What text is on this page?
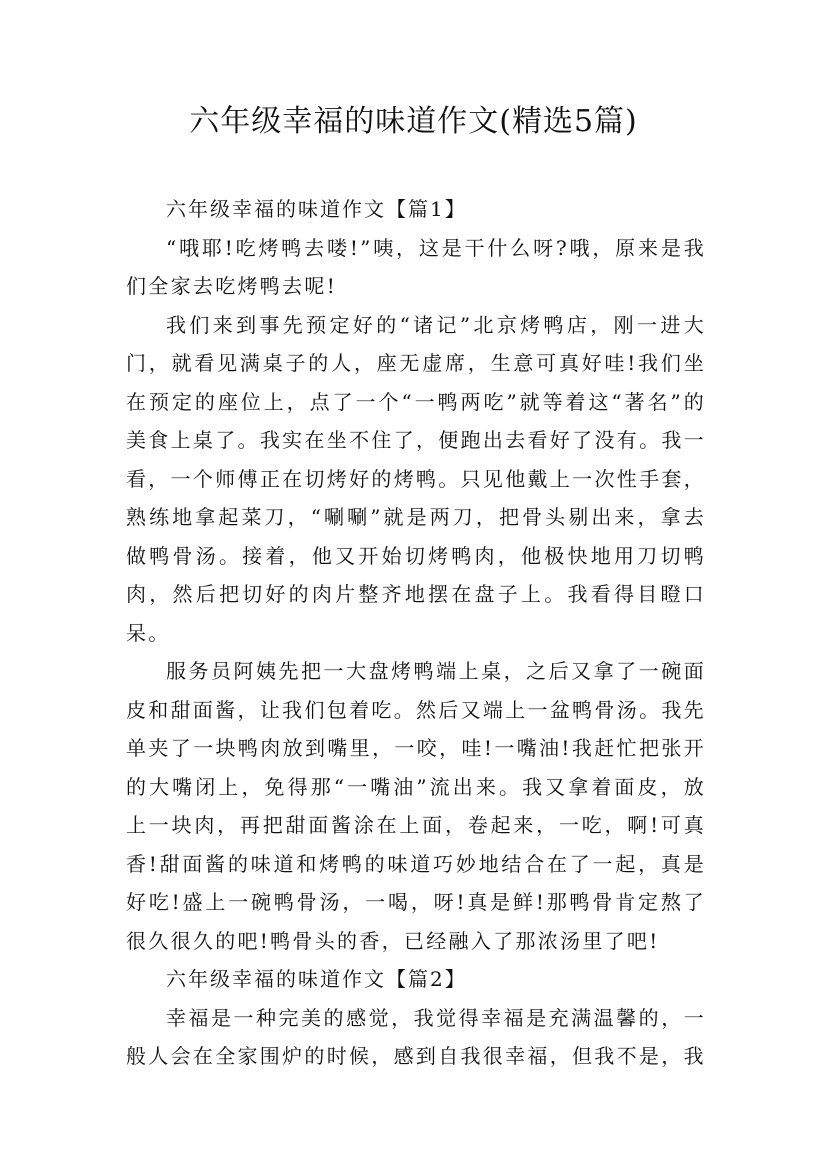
六年级幸福的味道作文(精选5篇)

六年级幸福的味道作文【篇1】

“哦耶!吃烤鸭去喽!”咦，这是干什么呀?哦，原来是我们全家去吃烤鸭去呢!

我们来到事先预定好的“诸记”北京烤鸭店，刚一进大门，就看见满桌子的人，座无虚席，生意可真好哇!我们坐在预定的座位上，点了一个“一鸭两吃”就等着这“著名”的美食上桌了。我实在坐不住了，便跑出去看好了没有。我一看，一个师傅正在切烤好的烤鸭。只见他戴上一次性手套，熟练地拿起菜刀，“唰唰”就是两刀，把骨头剔出来，拿去做鸭骨汤。接着，他又开始切烤鸭肉，他极快地用刀切鸭肉，然后把切好的肉片整齐地摆在盘子上。我看得目瞪口呆。

服务员阿姨先把一大盘烤鸭端上桌，之后又拿了一碗面皮和甜面酱，让我们包着吃。然后又端上一盆鸭骨汤。我先单夹了一块鸭肉放到嘴里，一咬，哇!一嘴油!我赶忙把张开的大嘴闭上，免得那“一嘴油”流出来。我又拿着面皮，放上一块肉，再把甜面酱涂在上面，卷起来，一吃，啊!可真香!甜面酱的味道和烤鸭的味道巧妙地结合在了一起，真是好吃!盛上一碗鸭骨汤，一喝，呀!真是鲜!那鸭骨肯定熬了很久很久的吧!鸭骨头的香，已经融入了那浓汤里了吧!

六年级幸福的味道作文【篇2】

幸福是一种完美的感觉，我觉得幸福是充满温馨的，一般人会在全家围炉的时候，感到自我很幸福，但我不是，我
